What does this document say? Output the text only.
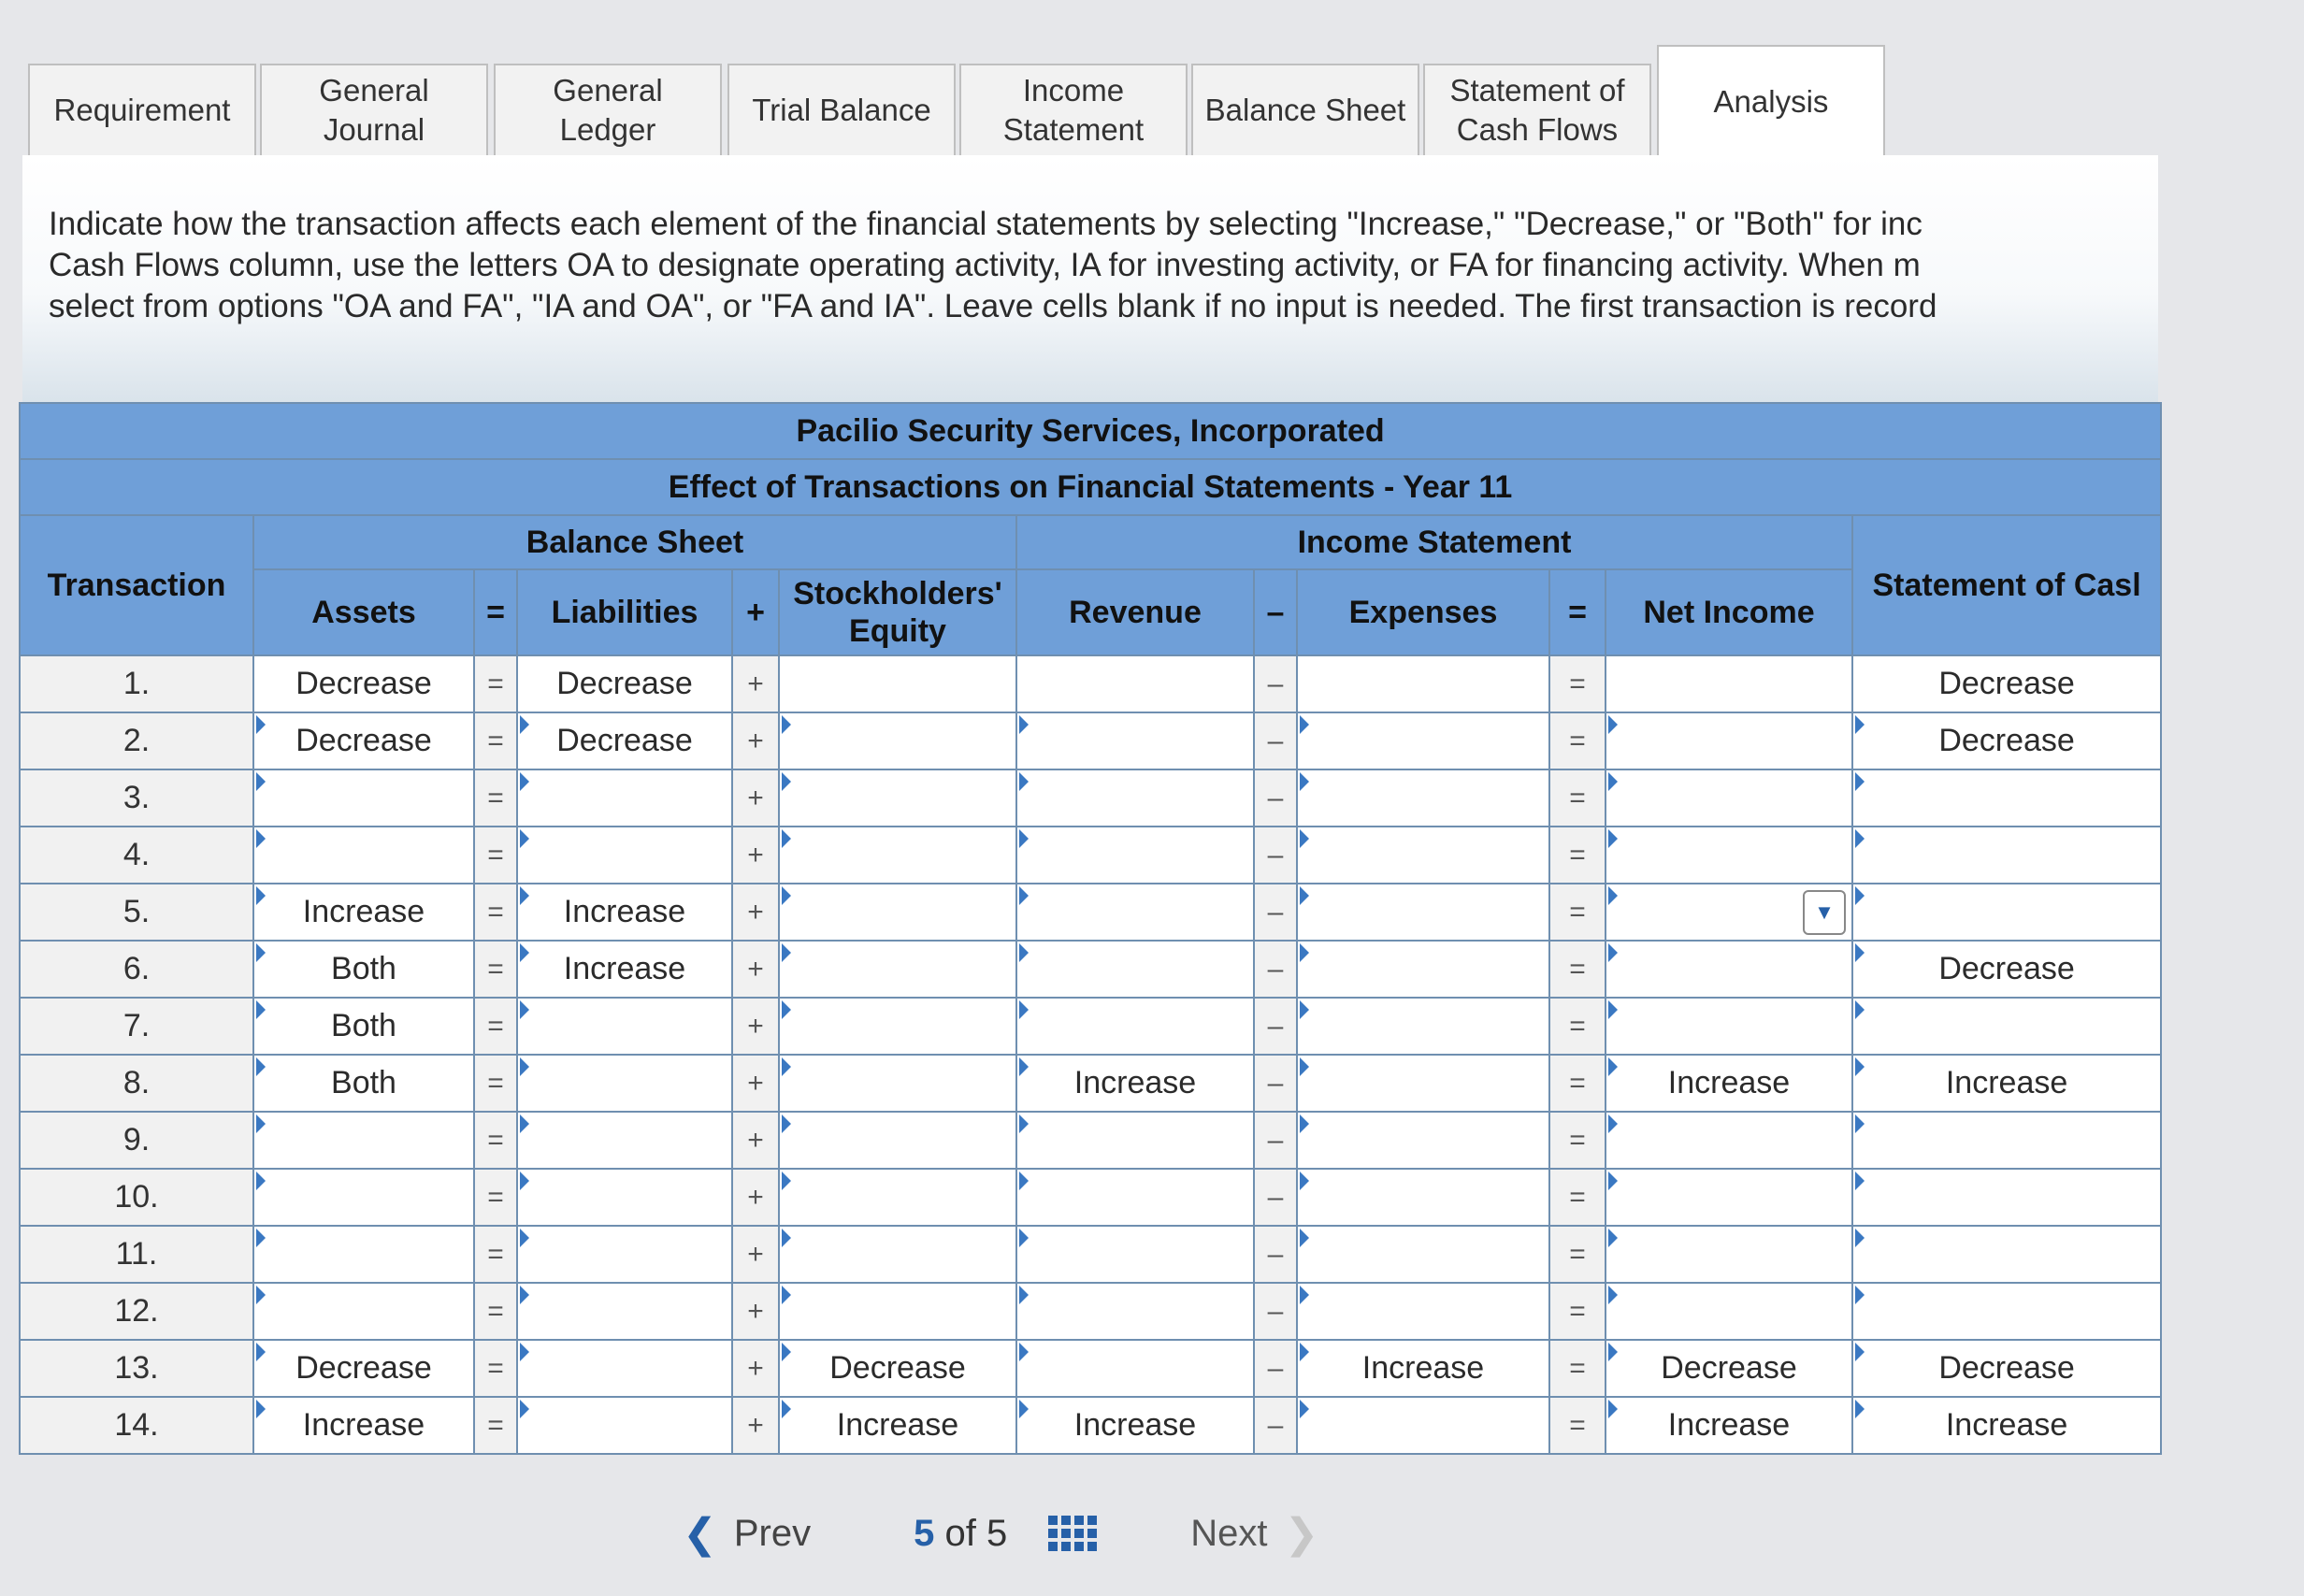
Requirement
General
Journal
General
Ledger
Trial Balance
Income
Statement
Balance Sheet
Statement of
Cash Flows
Analysis
Indicate how the transaction affects each element of the financial statements by selecting "Increase," "Decrease," or "Both" for inc
Cash Flows column, use the letters OA to designate operating activity, IA for investing activity, or FA for financing activity. When m
select from options "OA and FA", "IA and OA", or "FA and IA". Leave cells blank if no input is needed. The first transaction is record
Pacilio Security Services, Incorporated											
Effect of Transactions on Financial Statements - Year 11											
Transaction	Balance Sheet					Income Statement					Statement of Casl
	Assets	=	Liabilities	+	Stockholders'
Equity	Revenue	–	Expenses	=	Net Income	
1.	Decrease	=	Decrease	+			–		=		Decrease
2.	Decrease	=	Decrease	+			–		=		Decrease
3.		=		+			–		=		
4.		=		+			–		=		
5.	Increase	=	Increase	+			–		=	▼	

6.	Both	=	Increase	+			–		=		Decrease
7.	Both	=		+			–		=		
8.	Both	=		+		Increase	–		=	Increase	Increase
9.		=		+			–		=		
10.		=		+			–		=		
11.		=		+			–		=		
12.		=		+			–		=		
13.	Decrease	=		+	Decrease		–	Increase	=	Decrease	Decrease
14.	Increase	=		+	Increase	Increase	–		=	Increase	Increase
❮ Prev	5 of 5	Next ❯
